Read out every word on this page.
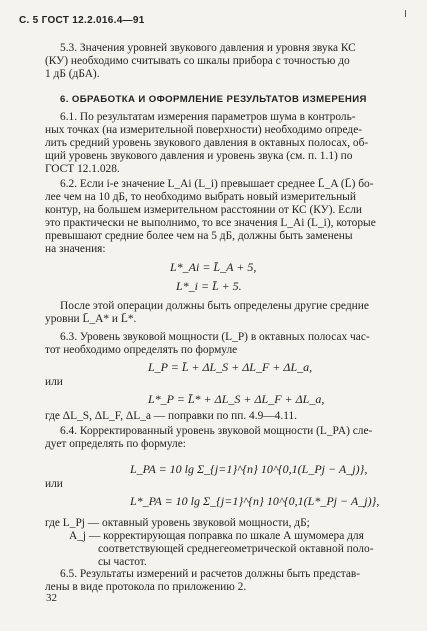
С. 5 ГОСТ 12.2.016.4—91
5.3. Значения уровней звукового давления и уровня звука КС
(КУ) необходимо считывать со шкалы прибора с точностью до
1 дБ (дБА).
6. ОБРАБОТКА И ОФОРМЛЕНИЕ РЕЗУЛЬТАТОВ ИЗМЕРЕНИЯ
6.1. По результатам измерения параметров шума в контроль-
ных точках (на измерительной поверхности) необходимо опреде-
лить средний уровень звукового давления в октавных полосах, об-
щий уровень звукового давления и уровень звука (см. п. 1.1) по
ГОСТ 12.1.028.
6.2. Если i-е значение L_Ai (L_i) превышает среднее L̄_A (L̄) бо-
лее чем на 10 дБ, то необходимо выбрать новый измерительный
контур, на большем измерительном расстоянии от КС (КУ). Если
это практически не выполнимо, то все значения L_Ai (L_i), которые
превышают средние более чем на 5 дБ, должны быть заменены
на значения:
L*_Ai = L̄_A + 5,
L*_i = L̄ + 5.
После этой операции должны быть определены другие средние
уровни L̄_A* и L̄*.
6.3. Уровень звуковой мощности (L_P) в октавных полосах час-
тот необходимо определять по формуле
L_P = L̄ + ΔL_S + ΔL_F + ΔL_a,
или
L*_P = L̄* + ΔL_S + ΔL_F + ΔL_a,
где ΔL_S, ΔL_F, ΔL_a — поправки по пп. 4.9—4.11.
6.4. Корректированный уровень звуковой мощности (L_PA) сле-
дует определять по формуле:
L_PA = 10 lg Σ_{j=1}^{n} 10^{0,1(L_Pj − A_j)},
или
L*_PA = 10 lg Σ_{j=1}^{n} 10^{0,1(L*_Pj − A_j)},
где L_Pj — октавный уровень звуковой мощности, дБ;
A_j — корректирующая поправка по шкале А шумомера для
соответствующей среднегеометрической октавной поло-
сы частот.
6.5. Результаты измерений и расчетов должны быть представ-
лены в виде протокола по приложению 2.
32
